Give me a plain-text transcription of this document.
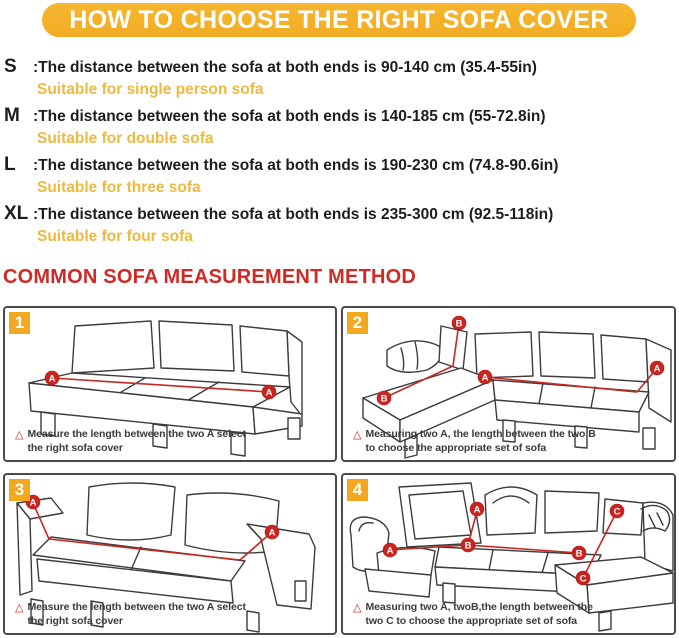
HOW TO CHOOSE THE RIGHT SOFA COVER
S	:The distance between the sofa at both ends is 90-140 cm (35.4-55in)
Suitable for single person sofa
M :The distance between the sofa at both ends is 140-185 cm (55-72.8in)
Suitable for double sofa
L	:The distance between the sofa at both ends is 190-230 cm (74.8-90.6in)
Suitable for three sofa
XL :The distance between the sofa at both ends is 235-300 cm (92.5-118in)
Suitable for four sofa
COMMON SOFA MEASUREMENT METHOD
A
A
1
△ Measure the length between the two A select
the right sofa cover
B
B
A
A
2
△ Measuring two A, the length between the two B
to choose the appropriate set of sofa
A
A
3
△ Measure the length between the two A select
the right sofa cover
A
A	B
B
C
C
4
△ Measuring two A, twoB,the length between the
two C to choose the appropriate set of sofa
